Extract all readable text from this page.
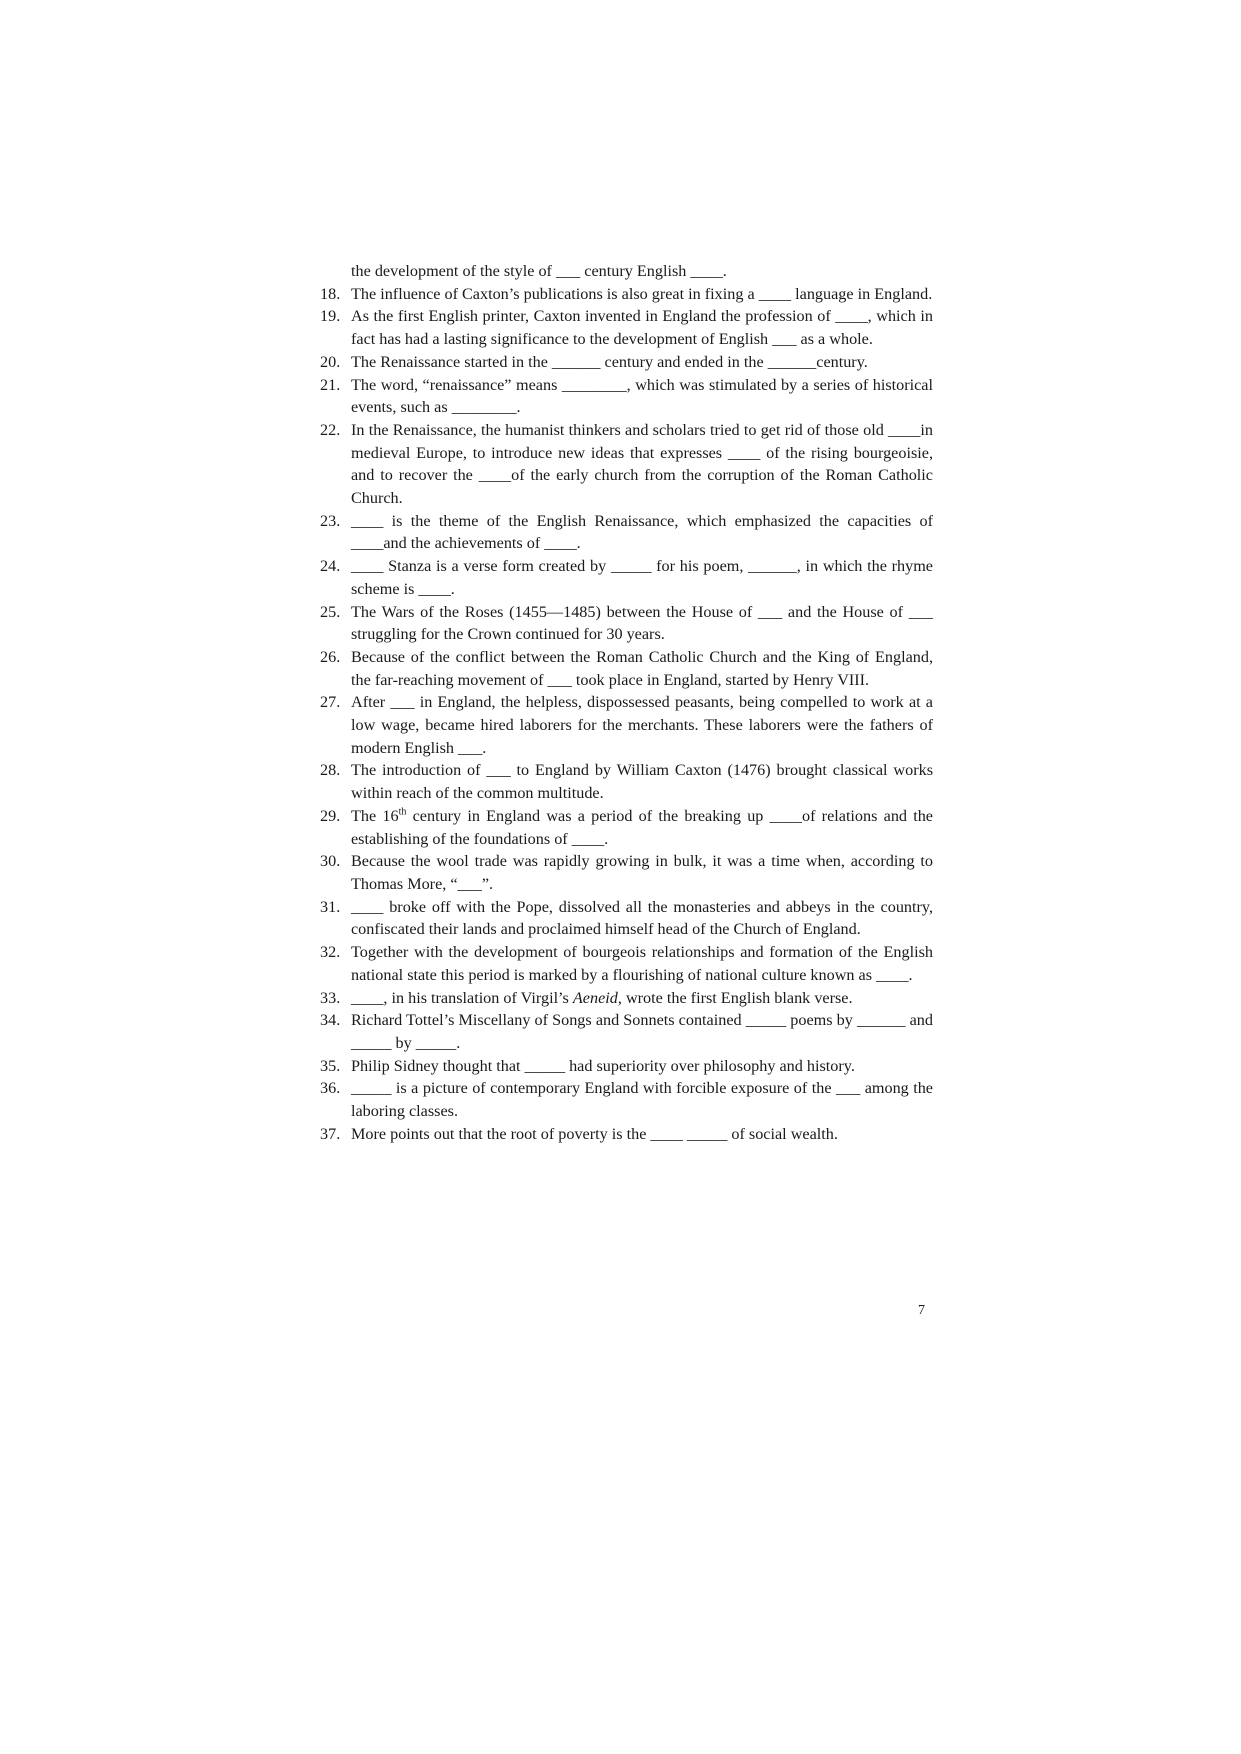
the development of the style of ___ century English ____.
18. The influence of Caxton’s publications is also great in fixing a ____ language in England.
19. As the first English printer, Caxton invented in England the profession of ____, which in fact has had a lasting significance to the development of English ___ as a whole.
20. The Renaissance started in the ______ century and ended in the ______century.
21. The word, “renaissance” means ________, which was stimulated by a series of historical events, such as ________.
22. In the Renaissance, the humanist thinkers and scholars tried to get rid of those old ____in medieval Europe, to introduce new ideas that expresses ____ of the rising bourgeoisie, and to recover the ____of the early church from the corruption of the Roman Catholic Church.
23. ____ is the theme of the English Renaissance, which emphasized the capacities of ____and the achievements of ____.
24. ____ Stanza is a verse form created by _____ for his poem, ______, in which the rhyme scheme is ____.
25. The Wars of the Roses (1455—1485) between the House of ___ and the House of ___ struggling for the Crown continued for 30 years.
26. Because of the conflict between the Roman Catholic Church and the King of England, the far-reaching movement of ___ took place in England, started by Henry VIII.
27. After ___ in England, the helpless, dispossessed peasants, being compelled to work at a low wage, became hired laborers for the merchants. These laborers were the fathers of modern English ___.
28. The introduction of ___ to England by William Caxton (1476) brought classical works within reach of the common multitude.
29. The 16th century in England was a period of the breaking up ____of relations and the establishing of the foundations of ____.
30. Because the wool trade was rapidly growing in bulk, it was a time when, according to Thomas More, “___”.
31. ____ broke off with the Pope, dissolved all the monasteries and abbeys in the country, confiscated their lands and proclaimed himself head of the Church of England.
32. Together with the development of bourgeois relationships and formation of the English national state this period is marked by a flourishing of national culture known as ____.
33. ____, in his translation of Virgil’s Aeneid, wrote the first English blank verse.
34. Richard Tottel’s Miscellany of Songs and Sonnets contained _____ poems by ______ and _____ by _____.
35. Philip Sidney thought that _____ had superiority over philosophy and history.
36. _____ is a picture of contemporary England with forcible exposure of the ___ among the laboring classes.
37. More points out that the root of poverty is the ____ _____ of social wealth.
7
